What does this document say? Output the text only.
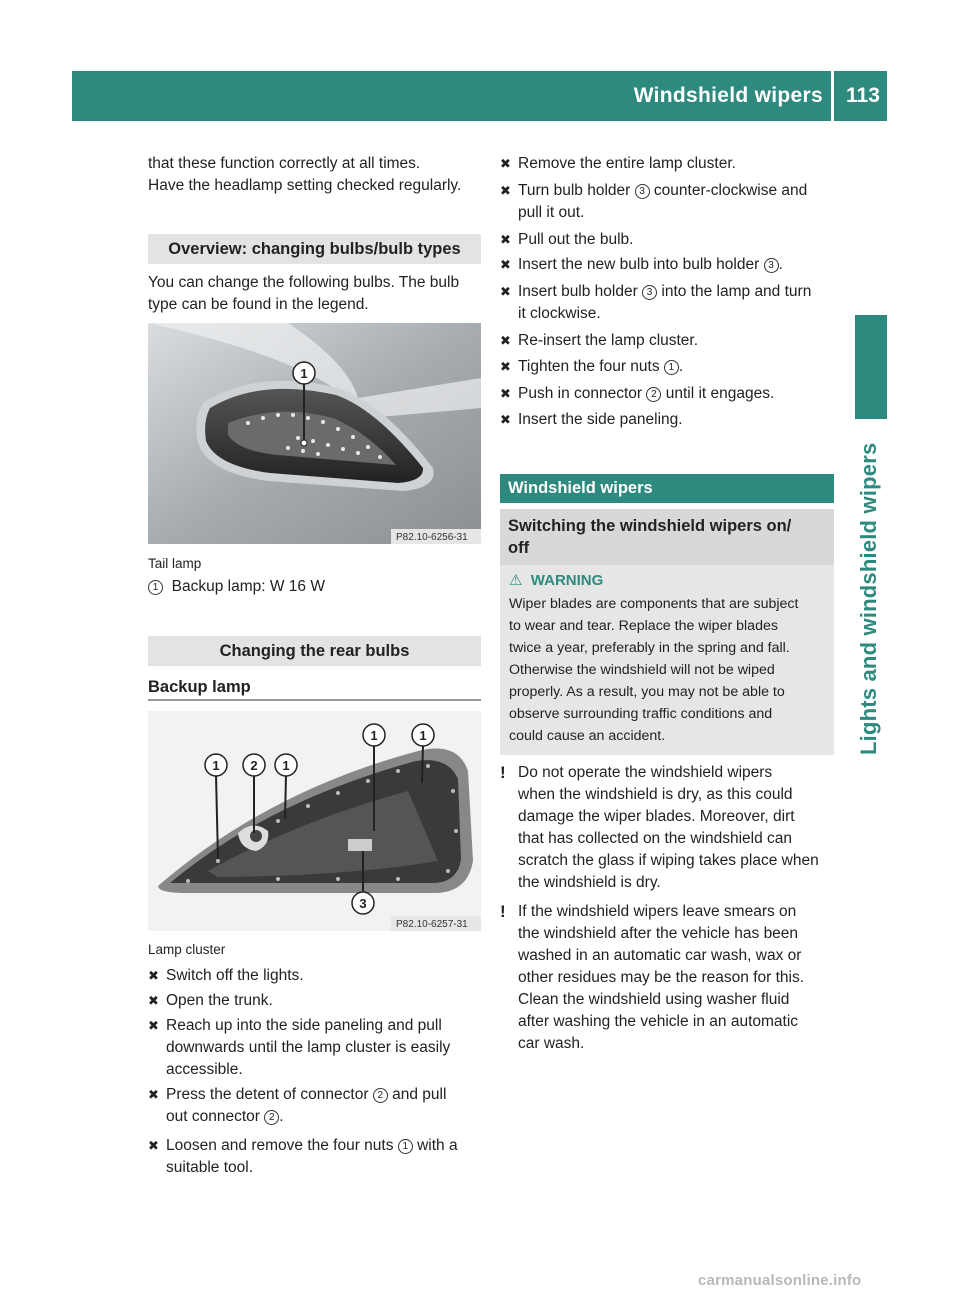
Windshield wipers 113
Lights and windshield wipers
that these function correctly at all times.
Have the headlamp setting checked regularly.
Overview: changing bulbs/bulb types
You can change the following bulbs. The bulb
type can be found in the legend.
1
P82.10-6256-31
Tail lamp
1 Backup lamp: W 16 W
Changing the rear bulbs
Backup lamp
1 2 1
1	1
3
P82.10-6257-31
Lamp cluster
✖ Switch off the lights.
✖ Open the trunk.
✖ Reach up into the side paneling and pull
downwards until the lamp cluster is easily
accessible.
✖ Press the detent of connector 2 and pull
out connector 2 .
✖ Loosen and remove the four nuts 1 with a
suitable tool.
✖ Remove the entire lamp cluster.
✖ Turn bulb holder 3 counter-clockwise and
pull it out.
✖ Pull out the bulb.
✖ Insert the new bulb into bulb holder 3 .
✖ Insert bulb holder 3 into the lamp and turn
it clockwise.
✖ Re-insert the lamp cluster.
✖ Tighten the four nuts 1 .
✖ Push in connector 2 until it engages.
✖ Insert the side paneling.
Windshield wipers
Switching the windshield wipers on/
off
⚠ WARNING
Wiper blades are components that are subject
to wear and tear. Replace the wiper blades
twice a year, preferably in the spring and fall.
Otherwise the windshield will not be wiped
properly. As a result, you may not be able to
observe surrounding traffic conditions and
could cause an accident.
! Do not operate the windshield wipers
when the windshield is dry, as this could
damage the wiper blades. Moreover, dirt
that has collected on the windshield can
scratch the glass if wiping takes place when
the windshield is dry.
! If the windshield wipers leave smears on
the windshield after the vehicle has been
washed in an automatic car wash, wax or
other residues may be the reason for this.
Clean the windshield using washer fluid
after washing the vehicle in an automatic
car wash.
carmanualsonline.info
